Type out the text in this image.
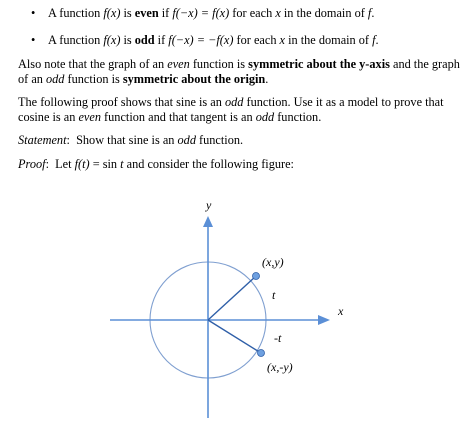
• A function f(x) is even if f(−x) = f(x) for each x in the domain of f.
• A function f(x) is odd if f(−x) = −f(x) for each x in the domain of f.
Also note that the graph of an even function is symmetric about the y-axis and the graph
of an odd function is symmetric about the origin.
The following proof shows that sine is an odd function. Use it as a model to prove that
cosine is an even function and that tangent is an odd function.
Statement:  Show that sine is an odd function.
Proof:  Let f(t) = sin t and consider the following figure:
y
x
(x,y)
(x,-y)
t
-t
